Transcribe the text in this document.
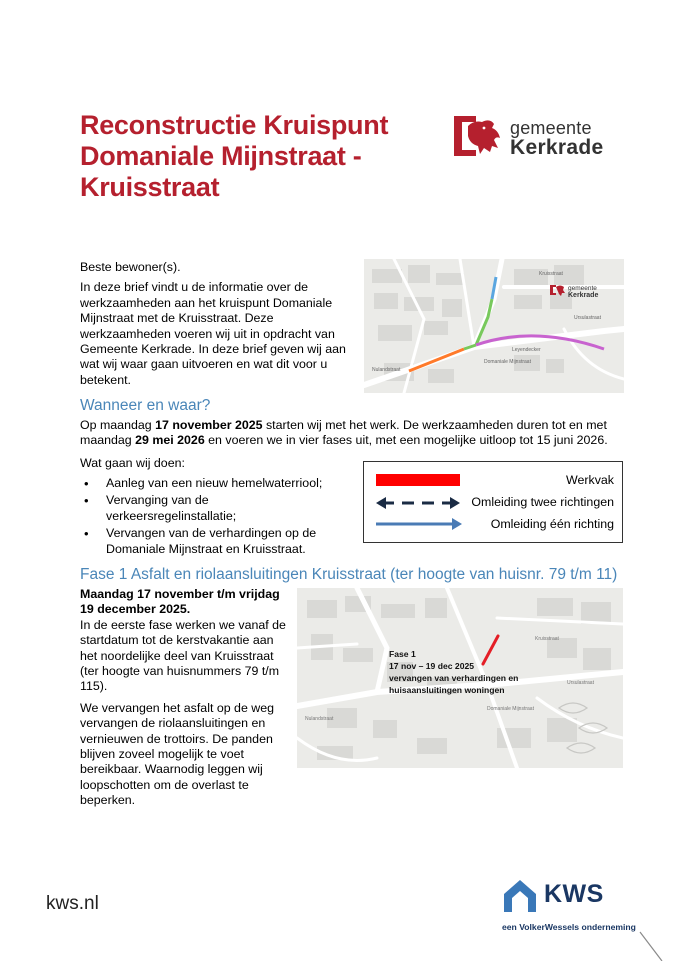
Reconstructie Kruispunt
Domaniale Mijnstraat -
Kruisstraat
gemeente
Kerkrade
Beste bewoner(s).
In deze brief vindt u de informatie over de werkzaamheden aan het kruispunt Domaniale Mijnstraat met de Kruisstraat. Deze werkzaamheden voeren wij uit in opdracht van Gemeente Kerkrade. In deze brief geven wij aan wat wij waar gaan uitvoeren en wat dit voor u betekent.
gemeente
Kerkrade
Nulandstraat
Domaniale Mijnstraat
Kruisstraat
Ursulastraat
Leyendecker
Wanneer en waar?
Op maandag 17 november 2025 starten wij met het werk. De werkzaamheden duren tot en met maandag 29 mei 2026 en voeren we in vier fases uit, met een mogelijke uitloop tot 15 juni 2026.
Wat gaan wij doen:
• Aanleg van een nieuw hemelwaterriool;
• Vervanging van de verkeersregelinstallatie;
• Vervangen van de verhardingen op de Domaniale Mijnstraat en Kruisstraat.
Werkvak
Omleiding twee richtingen
Omleiding één richting
Fase 1 Asfalt en riolaansluitingen Kruisstraat (ter hoogte van huisnr. 79 t/m 11)
Maandag 17 november t/m vrijdag 19 december 2025.
In de eerste fase werken we vanaf de startdatum tot de kerstvakantie aan het noordelijke deel van Kruisstraat (ter hoogte van huisnummers 79 t/m 115).
We vervangen het asfalt op de weg vervangen de riolaansluitingen en vernieuwen de trottoirs. De panden blijven zoveel mogelijk te voet bereikbaar. Waarnodig leggen wij loopschotten om de overlast te beperken.
Fase 1
17 nov – 19 dec 2025
vervangen van verhardingen en
huisaansluitingen woningen
Kruisstraat
Domaniale Mijnstraat
Nulandstraat
Ursulastraat
kws.nl	KWS
een VolkerWessels onderneming
